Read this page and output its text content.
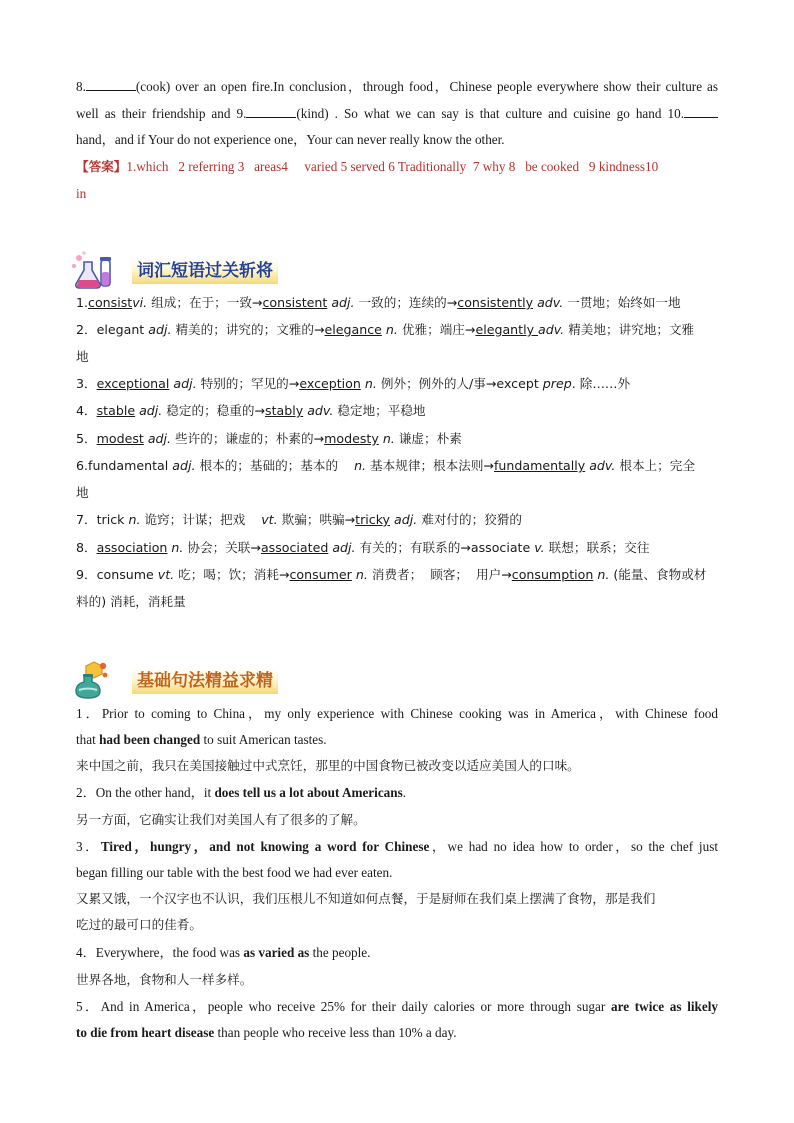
8.	(cook) over an open fire.In conclusion，through food，Chinese people everywhere show their culture as
well as their friendship and 9.	(kind) . So what we can say is that culture and cuisine go hand 10.
hand，and if Your do not experience one，Your can never really know the other.
【答案】1.which   2 referring 3   areas4     varied 5 served 6 Traditionally  7 why 8   be cooked   9 kindness10
in
词汇短语过关斩将
1.consistvi. 组成；在于；一致→consistent adj. 一致的；连续的→consistently adv. 一贯地；始终如一地
2．elegant adj. 精美的；讲究的；文雅的→elegance n. 优雅；端庄→elegantly adv. 精美地；讲究地；文雅
地
3．exceptional adj. 特别的；罕见的→exception n. 例外；例外的人/事→except prep. 除……外
4．stable adj. 稳定的；稳重的→stably adv. 稳定地；平稳地
5．modest adj. 些许的；谦虚的；朴素的→modesty n. 谦虚；朴素
6.fundamental adj. 根本的；基础的；基本的    n. 基本规律；根本法则→fundamentally adv. 根本上；完全
地
7．trick n. 诡窍；计谋；把戏    vt. 欺骗；哄骗→tricky adj. 难对付的；狡猾的
8．association n. 协会；关联→associated adj. 有关的；有联系的→associate v. 联想；联系；交往
9．consume vt. 吃；喝；饮；消耗→consumer n. 消费者；  顾客；  用户→consumption n. (能量、食物或材
料的) 消耗，消耗量
基础句法精益求精
1．Prior to coming to China，my only experience with Chinese cooking was in America，with Chinese food
that had been changed to suit American tastes.
来中国之前，我只在美国接触过中式烹饪，那里的中国食物已被改变以适应美国人的口味。
2．On the other hand，it does tell us a lot about Americans.
另一方面，它确实让我们对美国人有了很多的了解。
3．Tired，hungry，and not knowing a word for Chinese，we had no idea how to order，so the chef just
began filling our table with the best food we had ever eaten.
又累又饿，一个汉字也不认识，我们压根儿不知道如何点餐，于是厨师在我们桌上摆满了食物，那是我们
吃过的最可口的佳肴。
4．Everywhere，the food was as varied as the people.
世界各地，食物和人一样多样。
5．And in America，people who receive 25% for their daily calories or more through sugar are twice as likely
to die from heart disease than people who receive less than 10% a day.
